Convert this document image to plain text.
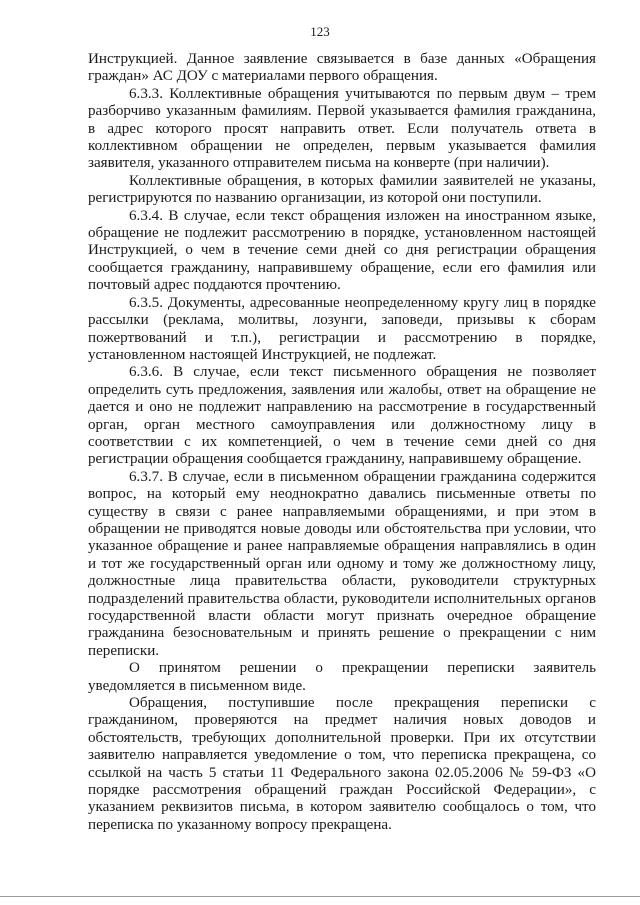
123

Инструкцией. Данное заявление связывается в базе данных «Обращения граждан» АС ДОУ с материалами первого обращения.

6.3.3. Коллективные обращения учитываются по первым двум – трем разборчиво указанным фамилиям. Первой указывается фамилия гражданина, в адрес которого просят направить ответ. Если получатель ответа в коллективном обращении не определен, первым указывается фамилия заявителя, указанного отправителем письма на конверте (при наличии).

Коллективные обращения, в которых фамилии заявителей не указаны, регистрируются по названию организации, из которой они поступили.

6.3.4. В случае, если текст обращения изложен на иностранном языке, обращение не подлежит рассмотрению в порядке, установленном настоящей Инструкцией, о чем в течение семи дней со дня регистрации обращения сообщается гражданину, направившему обращение, если его фамилия или почтовый адрес поддаются прочтению.

6.3.5. Документы, адресованные неопределенному кругу лиц в порядке рассылки (реклама, молитвы, лозунги, заповеди, призывы к сборам пожертвований и т.п.), регистрации и рассмотрению в порядке, установленном настоящей Инструкцией, не подлежат.

6.3.6. В случае, если текст письменного обращения не позволяет определить суть предложения, заявления или жалобы, ответ на обращение не дается и оно не подлежит направлению на рассмотрение в государственный орган, орган местного самоуправления или должностному лицу в соответствии с их компетенцией, о чем в течение семи дней со дня регистрации обращения сообщается гражданину, направившему обращение.

6.3.7. В случае, если в письменном обращении гражданина содержится вопрос, на который ему неоднократно давались письменные ответы по существу в связи с ранее направляемыми обращениями, и при этом в обращении не приводятся новые доводы или обстоятельства при условии, что указанное обращение и ранее направляемые обращения направлялись в один и тот же государственный орган или одному и тому же должностному лицу, должностные лица правительства области, руководители структурных подразделений правительства области, руководители исполнительных органов государственной власти области могут признать очередное обращение гражданина безосновательным и принять решение о прекращении с ним переписки.

О принятом решении о прекращении переписки заявитель уведомляется в письменном виде.

Обращения, поступившие после прекращения переписки с гражданином, проверяются на предмет наличия новых доводов и обстоятельств, требующих дополнительной проверки. При их отсутствии заявителю направляется уведомление о том, что переписка прекращена, со ссылкой на часть 5 статьи 11 Федерального закона 02.05.2006 № 59-ФЗ «О порядке рассмотрения обращений граждан Российской Федерации», с указанием реквизитов письма, в котором заявителю сообщалось о том, что переписка по указанному вопросу прекращена.
